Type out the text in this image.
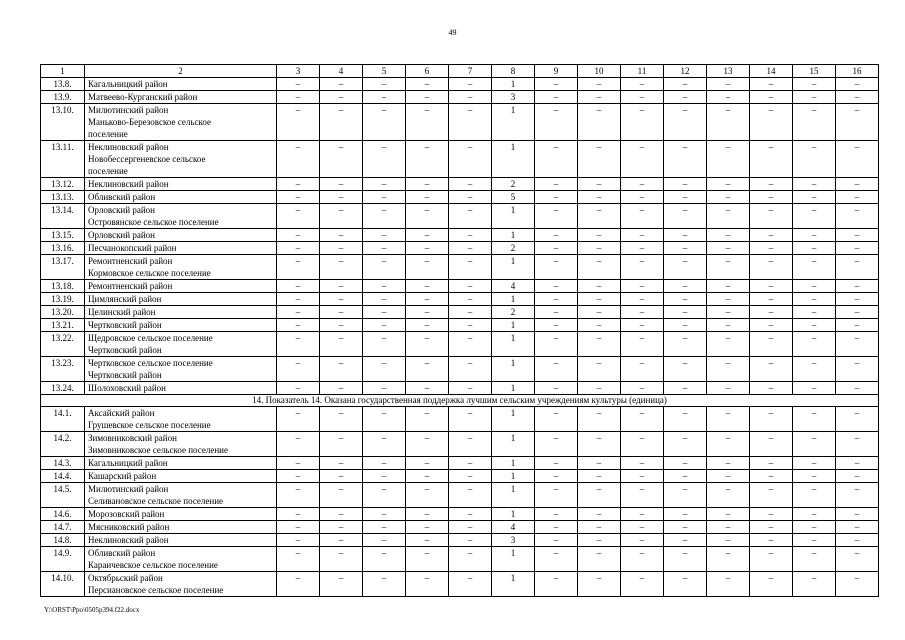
49
1	2	3	4	5	6	7	8	9	10	11	12	13	14	15	16
13.8.	Кагальницкий район	–	–	–	–	–	1	–	–	–	–	–	–	–	–
13.9.	Матвеево-Курганский район	–	–	–	–	–	3	–	–	–	–	–	–	–	–
13.10.	Милютинский район
Маньково-Березовское сельское
поселение	–	–	–	–	–	1	–	–	–	–	–	–	–	–
13.11.	Неклиновский район
Новобессергеневское сельское
поселение	–	–	–	–	–	1	–	–	–	–	–	–	–	–
13.12.	Неклиновский район	–	–	–	–	–	2	–	–	–	–	–	–	–	–
13.13.	Обливский район	–	–	–	–	–	5	–	–	–	–	–	–	–	–
13.14.	Орловский район
Островянское сельское поселение	–	–	–	–	–	1	–	–	–	–	–	–	–	–
13.15.	Орловский район	–	–	–	–	–	1	–	–	–	–	–	–	–	–
13.16.	Песчанокопский район	–	–	–	–	–	2	–	–	–	–	–	–	–	–
13.17.	Ремонтненский район
Кормовское сельское поселение	–	–	–	–	–	1	–	–	–	–	–	–	–	–
13.18.	Ремонтненский район	–	–	–	–	–	4	–	–	–	–	–	–	–	–
13.19.	Цимлянский район	–	–	–	–	–	1	–	–	–	–	–	–	–	–
13.20.	Целинский район	–	–	–	–	–	2	–	–	–	–	–	–	–	–
13.21.	Чертковский район	–	–	–	–	–	1	–	–	–	–	–	–	–	–
13.22.	Щедровское сельское поселение
Чертковский район	–	–	–	–	–	1	–	–	–	–	–	–	–	–
13.23.	Чертковское сельское поселение
Чертковский район	–	–	–	–	–	1	–	–	–	–	–	–	–	–
13.24.	Шолоховский район	–	–	–	–	–	1	–	–	–	–	–	–	–	–
14. Показатель 14. Оказана государственная поддержка лучшим сельским учреждениям культуры (единица)															
14.1.	Аксайский район
Грушевское сельское поселение	–	–	–	–	–	1	–	–	–	–	–	–	–	–
14.2.	Зимовниковский район
Зимовниковское сельское поселение	–	–	–	–	–	1	–	–	–	–	–	–	–	–
14.3.	Кагальницкий район	–	–	–	–	–	1	–	–	–	–	–	–	–	–
14.4.	Кашарский район	–	–	–	–	–	1	–	–	–	–	–	–	–	–
14.5.	Милютинский район
Селивановское сельское поселение	–	–	–	–	–	1	–	–	–	–	–	–	–	–
14.6.	Морозовский район	–	–	–	–	–	1	–	–	–	–	–	–	–	–
14.7.	Мясниковский район	–	–	–	–	–	4	–	–	–	–	–	–	–	–
14.8.	Неклиновский район	–	–	–	–	–	3	–	–	–	–	–	–	–	–
14.9.	Обливский район
Караичевское сельское поселение	–	–	–	–	–	1	–	–	–	–	–	–	–	–
14.10.	Октябрьский район
Персиановское сельское поселение	–	–	–	–	–	1	–	–	–	–	–	–	–	–
Y:\ORST\Ppo\0505p394.f22.docx
